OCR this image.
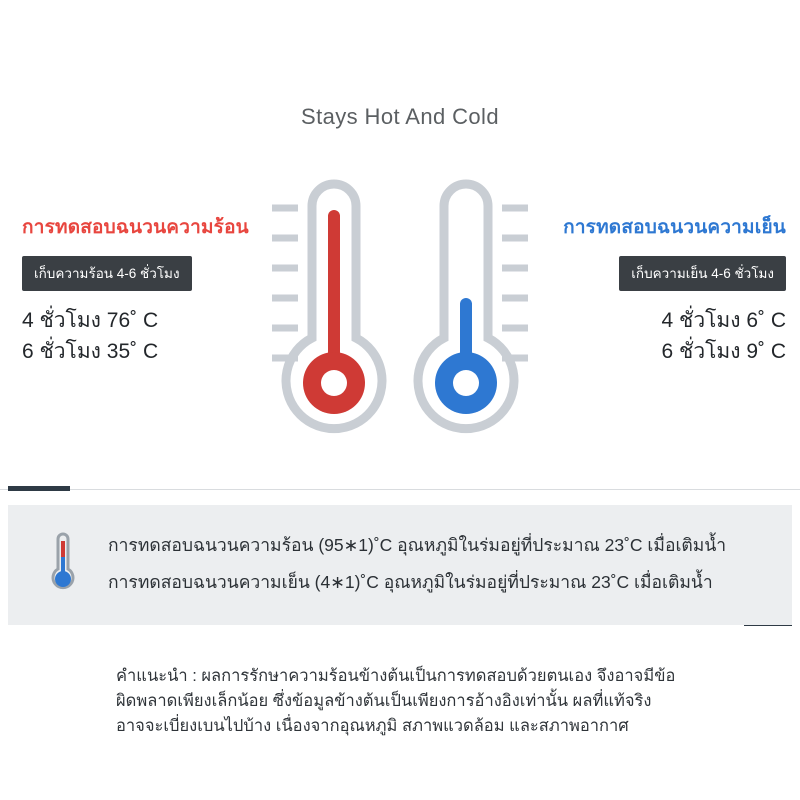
Stays Hot And Cold
การทดสอบฉนวนความร้อน
เก็บความร้อน 4-6 ชั่วโมง
4 ชั่วโมง 76˚ C
6 ชั่วโมง 35˚ C
การทดสอบฉนวนความเย็น
เก็บความเย็น 4-6 ชั่วโมง
4 ชั่วโมง 6˚ C
6 ชั่วโมง 9˚ C
การทดสอบฉนวนความร้อน (95∗1)˚C อุณหภูมิในร่มอยู่ที่ประมาณ 23˚C เมื่อเติมน้ำ
การทดสอบฉนวนความเย็น (4∗1)˚C อุณหภูมิในร่มอยู่ที่ประมาณ 23˚C เมื่อเติมน้ำ
คำแนะนำ : ผลการรักษาความร้อนข้างต้นเป็นการทดสอบด้วยตนเอง จึงอาจมีข้อ
ผิดพลาดเพียงเล็กน้อย ซึ่งข้อมูลข้างต้นเป็นเพียงการอ้างอิงเท่านั้น ผลที่แท้จริง
อาจจะเบี่ยงเบนไปบ้าง เนื่องจากอุณหภูมิ สภาพแวดล้อม และสภาพอากาศ
